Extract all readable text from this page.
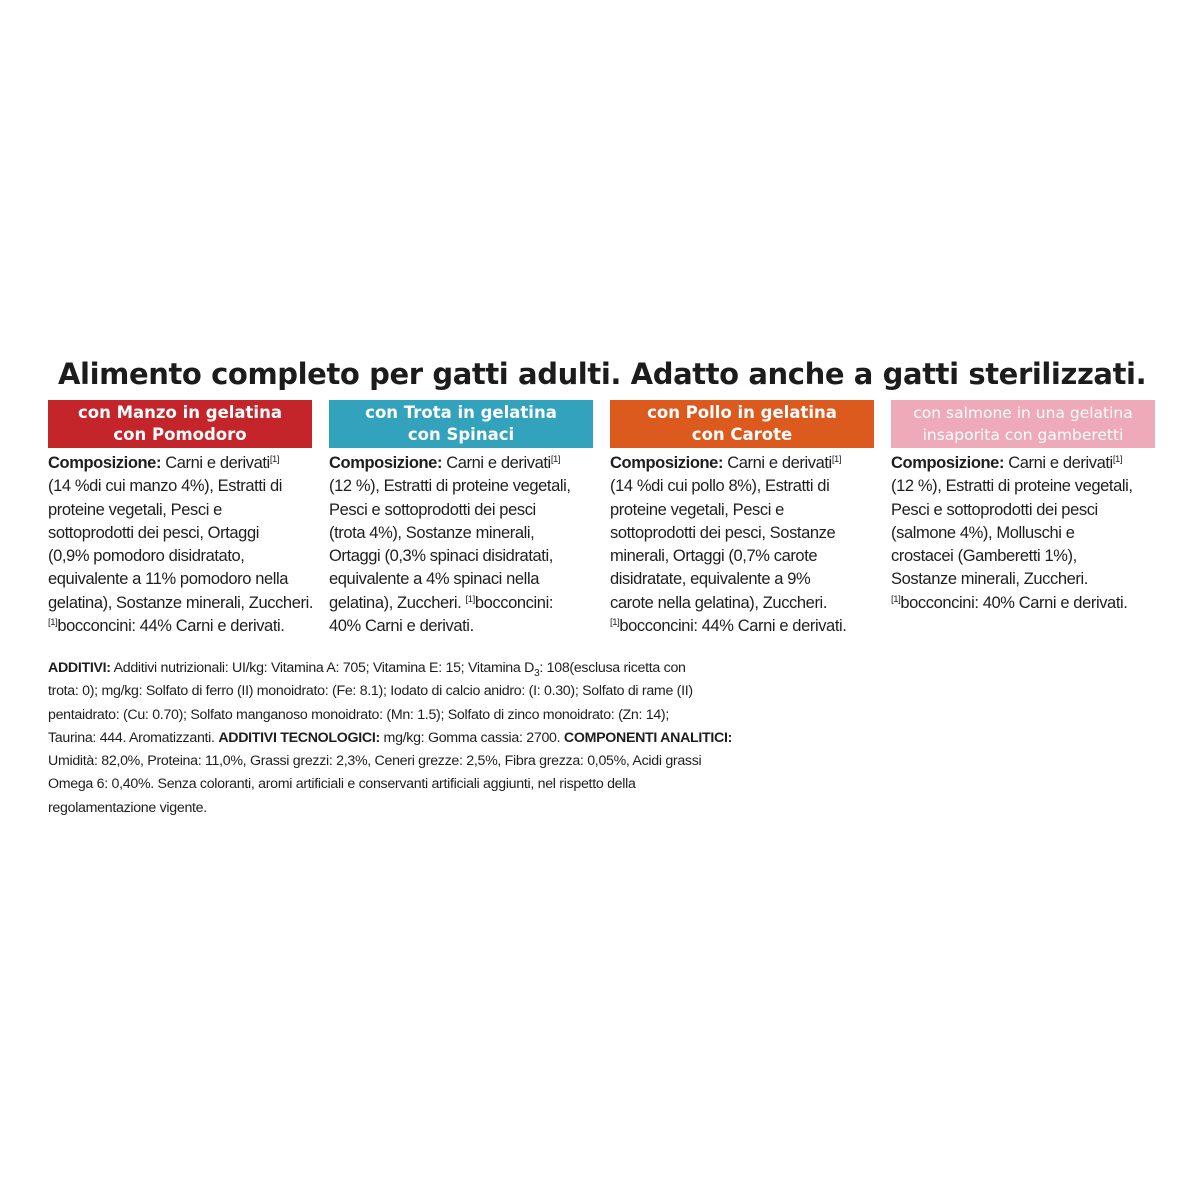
Alimento completo per gatti adulti. Adatto anche a gatti sterilizzati.
con Manzo in gelatina
con Pomodoro
Composizione: Carni e derivati[1]
(14 %di cui manzo 4%), Estratti di
proteine vegetali, Pesci e
sottoprodotti dei pesci, Ortaggi
(0,9% pomodoro disidratato,
equivalente a 11% pomodoro nella
gelatina), Sostanze minerali, Zuccheri.
[1]bocconcini: 44% Carni e derivati.
con Trota in gelatina
con Spinaci
Composizione: Carni e derivati[1]
(12 %), Estratti di proteine vegetali,
Pesci e sottoprodotti dei pesci
(trota 4%), Sostanze minerali,
Ortaggi (0,3% spinaci disidratati,
equivalente a 4% spinaci nella
gelatina), Zuccheri. [1]bocconcini:
40% Carni e derivati.
con Pollo in gelatina
con Carote
Composizione: Carni e derivati[1]
(14 %di cui pollo 8%), Estratti di
proteine vegetali, Pesci e
sottoprodotti dei pesci, Sostanze
minerali, Ortaggi (0,7% carote
disidratate, equivalente a 9%
carote nella gelatina), Zuccheri.
[1]bocconcini: 44% Carni e derivati.
con salmone in una gelatina
insaporita con gamberetti
Composizione: Carni e derivati[1]
(12 %), Estratti di proteine vegetali,
Pesci e sottoprodotti dei pesci
(salmone 4%), Molluschi e
crostacei (Gamberetti 1%),
Sostanze minerali, Zuccheri.
[1]bocconcini: 40% Carni e derivati.
ADDITIVI: Additivi nutrizionali: UI/kg: Vitamina A: 705; Vitamina E: 15; Vitamina $D_3$: 108(esclusa ricetta con
trota: 0); mg/kg: Solfato di ferro (II) monoidrato: (Fe: 8.1); Iodato di calcio anidro: (I: 0.30); Solfato di rame (II)
pentaidrato: (Cu: 0.70); Solfato manganoso monoidrato: (Mn: 1.5); Solfato di zinco monoidrato: (Zn: 14);
Taurina: 444. Aromatizzanti. ADDITIVI TECNOLOGICI: mg/kg: Gomma cassia: 2700. COMPONENTI ANALITICI:
Umidità: 82,0%, Proteina: 11,0%, Grassi grezzi: 2,3%, Ceneri grezze: 2,5%, Fibra grezza: 0,05%, Acidi grassi
Omega 6: 0,40%. Senza coloranti, aromi artificiali e conservanti artificiali aggiunti, nel rispetto della
regolamentazione vigente.
